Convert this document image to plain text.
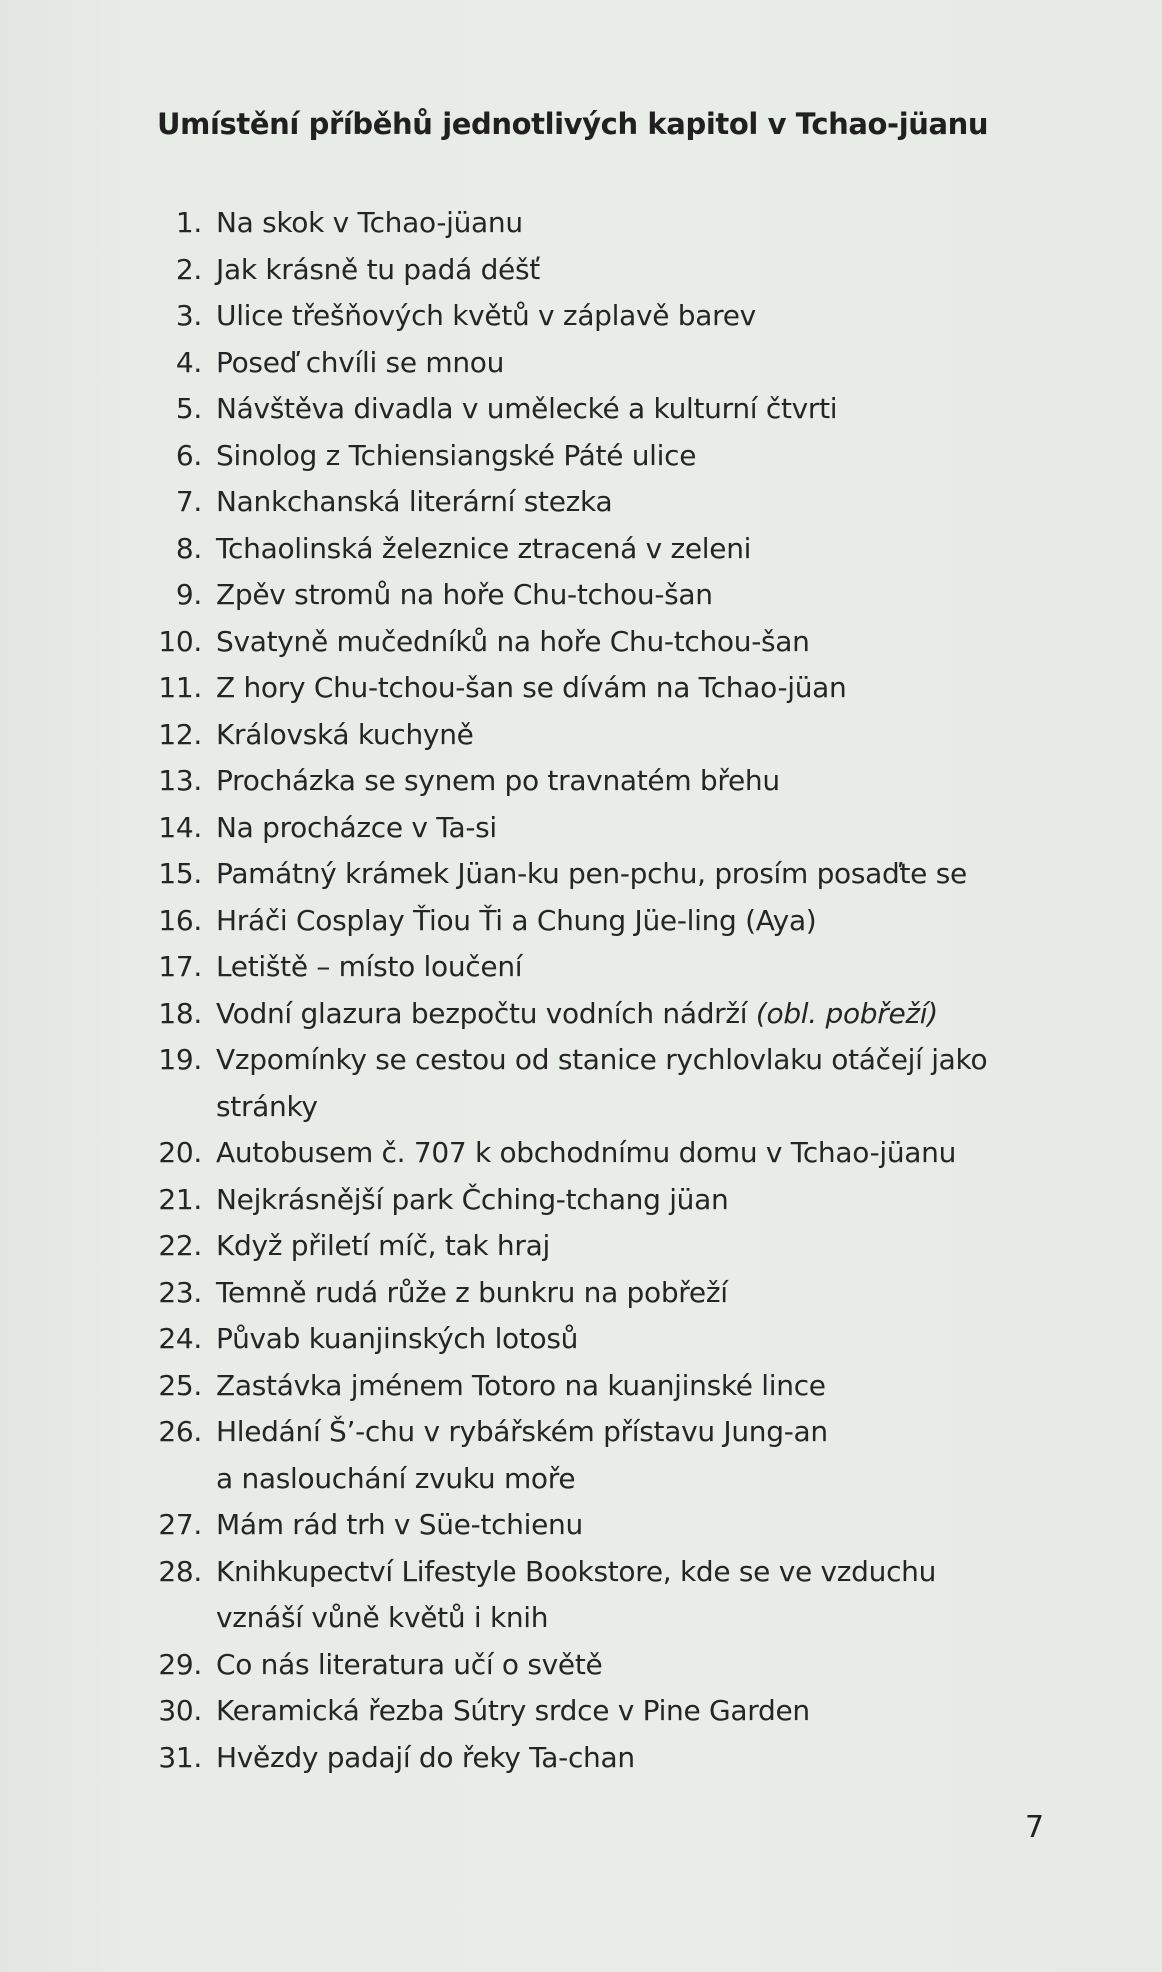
Umístění příběhů jednotlivých kapitol v Tchao-jüanu
1. Na skok v Tchao-jüanu
2. Jak krásně tu padá déšť
3. Ulice třešňových květů v záplavě barev
4. Poseď chvíli se mnou
5. Návštěva divadla v umělecké a kulturní čtvrti
6. Sinolog z Tchiensiangské Páté ulice
7. Nankchanská literární stezka
8. Tchaolinská železnice ztracená v zeleni
9. Zpěv stromů na hoře Chu-tchou-šan
10. Svatyně mučedníků na hoře Chu-tchou-šan
11. Z hory Chu-tchou-šan se dívám na Tchao-jüan
12. Královská kuchyně
13. Procházka se synem po travnatém břehu
14. Na procházce v Ta-si
15. Památný krámek Jüan-ku pen-pchu, prosím posaďte se
16. Hráči Cosplay Ťiou Ťi a Chung Jüe-ling (Aya)
17. Letiště – místo loučení
18. Vodní glazura bezpočtu vodních nádrží (obl. pobřeží)
19. Vzpomínky se cestou od stanice rychlovlaku otáčejí jako
stránky
20. Autobusem č. 707 k obchodnímu domu v Tchao-jüanu
21. Nejkrásnější park Čching-tchang jüan
22. Když přiletí míč, tak hraj
23. Temně rudá růže z bunkru na pobřeží
24. Půvab kuanjinských lotosů
25. Zastávka jménem Totoro na kuanjinské lince
26. Hledání Š’-chu v rybářském přístavu Jung-an
a naslouchání zvuku moře
27. Mám rád trh v Süe-tchienu
28. Knihkupectví Lifestyle Bookstore, kde se ve vzduchu
vznáší vůně květů i knih
29. Co nás literatura učí o světě
30. Keramická řezba Sútry srdce v Pine Garden
31. Hvězdy padají do řeky Ta-chan
7
